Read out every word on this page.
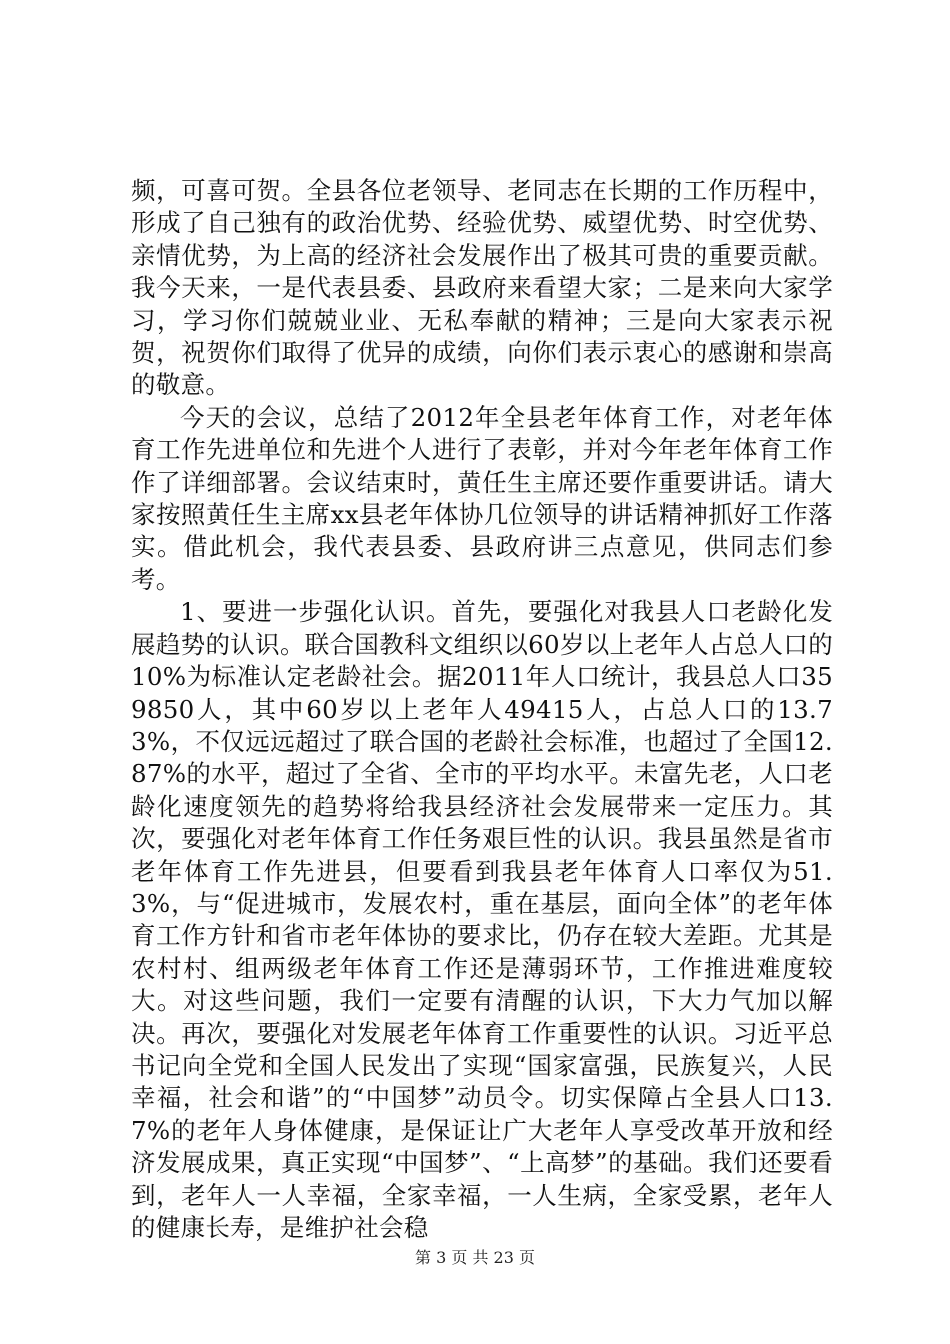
频，可喜可贺。全县各位老领导、老同志在长期的工作历程中，形成了自己独有的政治优势、经验优势、威望优势、时空优势、亲情优势，为上高的经济社会发展作出了极其可贵的重要贡献。我今天来，一是代表县委、县政府来看望大家；二是来向大家学习，学习你们兢兢业业、无私奉献的精神；三是向大家表示祝贺，祝贺你们取得了优异的成绩，向你们表示衷心的感谢和崇高的敬意。

今天的会议，总结了2012年全县老年体育工作，对老年体育工作先进单位和先进个人进行了表彰，并对今年老年体育工作作了详细部署。会议结束时，黄任生主席还要作重要讲话。请大家按照黄任生主席xx县老年体协几位领导的讲话精神抓好工作落实。借此机会，我代表县委、县政府讲三点意见，供同志们参考。

1、要进一步强化认识。首先，要强化对我县人口老龄化发展趋势的认识。联合国教科文组织以60岁以上老年人占总人口的10%为标准认定老龄社会。据2011年人口统计，我县总人口359850人，其中60岁以上老年人49415人，占总人口的13.73%，不仅远远超过了联合国的老龄社会标准，也超过了全国12.87%的水平，超过了全省、全市的平均水平。未富先老，人口老龄化速度领先的趋势将给我县经济社会发展带来一定压力。其次，要强化对老年体育工作任务艰巨性的认识。我县虽然是省市老年体育工作先进县，但要看到我县老年体育人口率仅为51.3%，与“促进城市，发展农村，重在基层，面向全体”的老年体育工作方针和省市老年体协的要求比，仍存在较大差距。尤其是农村村、组两级老年体育工作还是薄弱环节，工作推进难度较大。对这些问题，我们一定要有清醒的认识，下大力气加以解决。再次，要强化对发展老年体育工作重要性的认识。习近平总书记向全党和全国人民发出了实现“国家富强，民族复兴，人民幸福，社会和谐”的“中国梦”动员令。切实保障占全县人口13.7%的老年人身体健康，是保证让广大老年人享受改革开放和经济发展成果，真正实现“中国梦”、“上高梦”的基础。我们还要看到，老年人一人幸福，全家幸福，一人生病，全家受累，老年人的健康长寿，是维护社会稳

第 3 页 共 23 页
